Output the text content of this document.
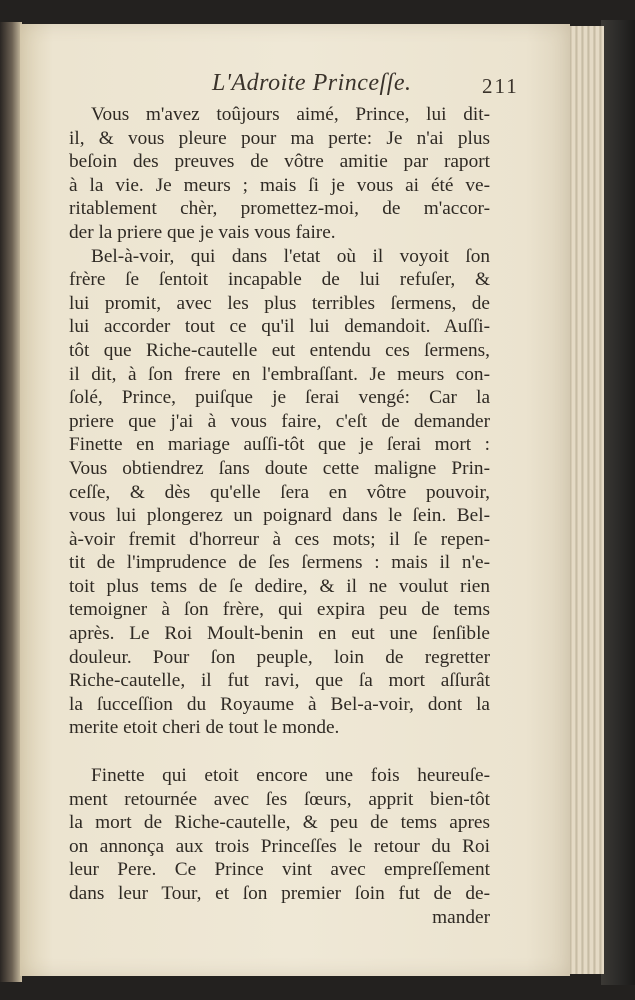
L'Adroite Princeſſe.	211
Vous m'avez toûjours aimé, Prince, lui dit-
il, & vous pleure pour ma perte: Je n'ai plus
beſoin des preuves de vôtre amitie par raport
à la vie. Je meurs ; mais ſi je vous ai été ve-
ritablement chèr, promettez-moi, de m'accor-
der la priere que je vais vous faire.
Bel-à-voir, qui dans l'etat où il voyoit ſon
frère ſe ſentoit incapable de lui refuſer, &
lui promit, avec les plus terribles ſermens, de
lui accorder tout ce qu'il lui demandoit. Auſſi-
tôt que Riche-cautelle eut entendu ces ſermens,
il dit, à ſon frere en l'embraſſant. Je meurs con-
ſolé, Prince, puiſque je ſerai vengé: Car la
priere que j'ai à vous faire, c'eſt de demander
Finette en mariage auſſi-tôt que je ſerai mort :
Vous obtiendrez ſans doute cette maligne Prin-
ceſſe, & dès qu'elle ſera en vôtre pouvoir,
vous lui plongerez un poignard dans le ſein. Bel-
à-voir fremit d'horreur à ces mots; il ſe repen-
tit de l'imprudence de ſes ſermens : mais il n'e-
toit plus tems de ſe dedire, & il ne voulut rien
temoigner à ſon frère, qui expira peu de tems
après. Le Roi Moult-benin en eut une ſenſible
douleur. Pour ſon peuple, loin de regretter
Riche-cautelle, il fut ravi, que ſa mort aſſurât
la ſucceſſion du Royaume à Bel-a-voir, dont la
merite etoit cheri de tout le monde.
Finette qui etoit encore une fois heureuſe-
ment retournée avec ſes ſœurs, apprit bien-tôt
la mort de Riche-cautelle, & peu de tems apres
on annonça aux trois Princeſſes le retour du Roi
leur Pere. Ce Prince vint avec empreſſement
dans leur Tour, et ſon premier ſoin fut de de-
mander
